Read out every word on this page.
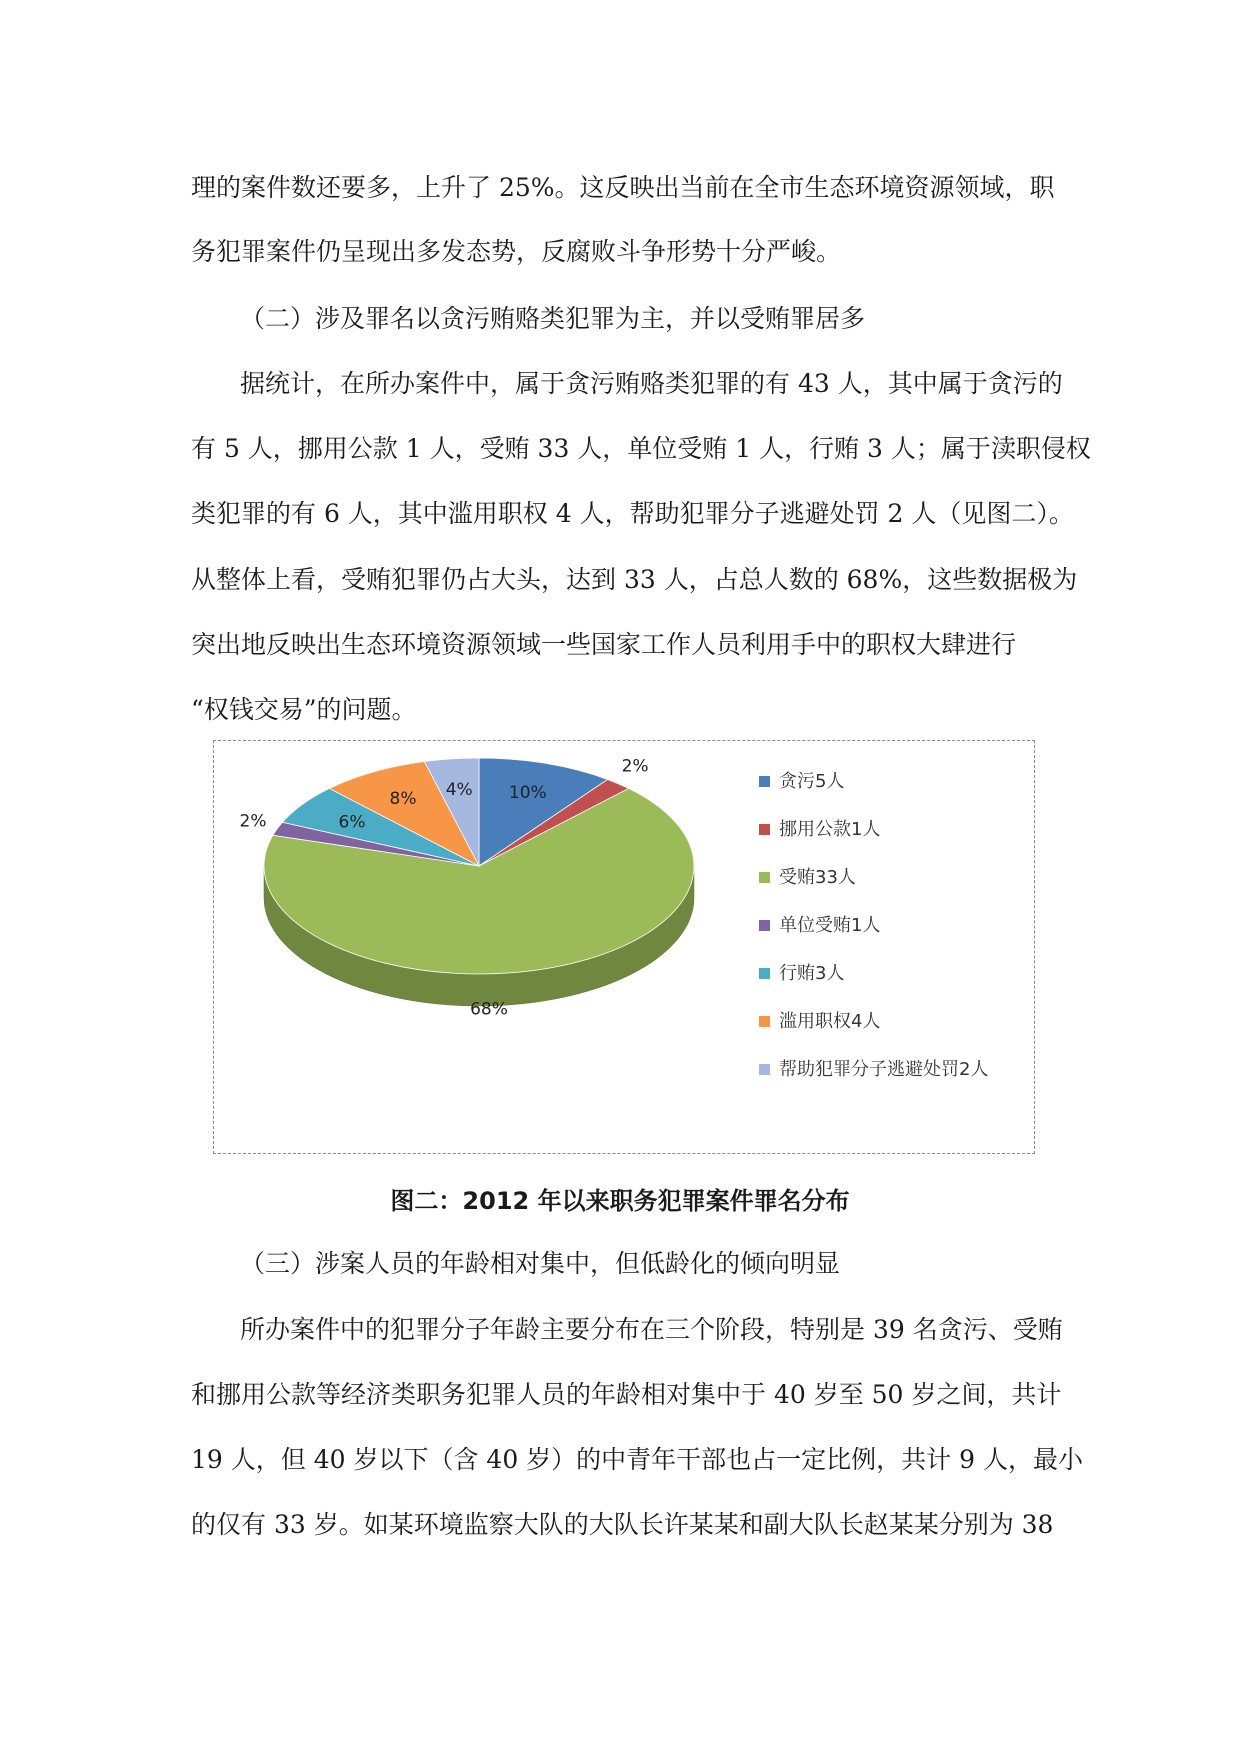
理的案件数还要多，上升了 25%。这反映出当前在全市生态环境资源领域，职
务犯罪案件仍呈现出多发态势，反腐败斗争形势十分严峻。
（二）涉及罪名以贪污贿赂类犯罪为主，并以受贿罪居多
据统计，在所办案件中，属于贪污贿赂类犯罪的有 43 人，其中属于贪污的
有 5 人，挪用公款 1 人，受贿 33 人，单位受贿 1 人，行贿 3 人；属于渎职侵权
类犯罪的有 6 人，其中滥用职权 4 人，帮助犯罪分子逃避处罚 2 人（见图二）。
从整体上看，受贿犯罪仍占大头，达到 33 人，占总人数的 68%，这些数据极为
突出地反映出生态环境资源领域一些国家工作人员利用手中的职权大肆进行
“权钱交易”的问题。
10%
2%
68%
2%	6%
8% 4%	贪污5人
挪用公款1人
受贿33人
单位受贿1人
行贿3人
滥用职权4人
帮助犯罪分子逃避处罚2人
图二：2012 年以来职务犯罪案件罪名分布
（三）涉案人员的年龄相对集中，但低龄化的倾向明显
所办案件中的犯罪分子年龄主要分布在三个阶段，特别是 39 名贪污、受贿
和挪用公款等经济类职务犯罪人员的年龄相对集中于 40 岁至 50 岁之间，共计
19 人，但 40 岁以下（含 40 岁）的中青年干部也占一定比例，共计 9 人，最小
的仅有 33 岁。如某环境监察大队的大队长许某某和副大队长赵某某分别为 38
